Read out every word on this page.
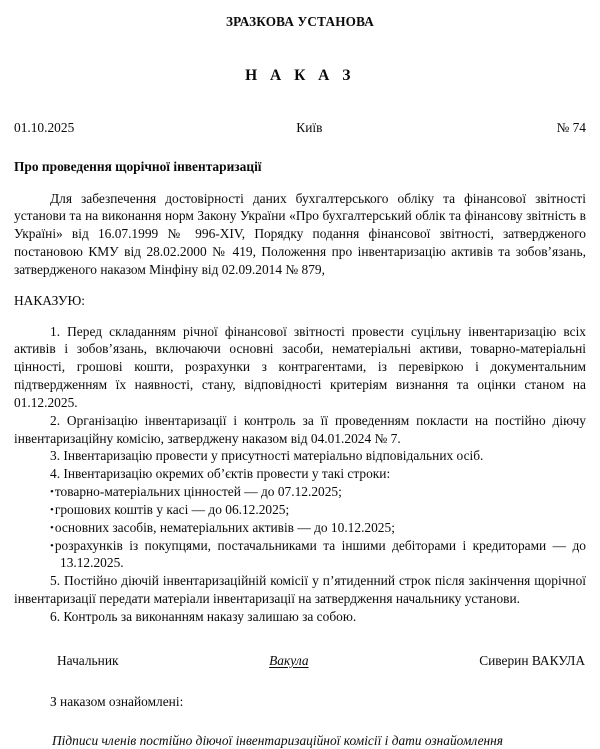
ЗРАЗКОВА УСТАНОВА
Н А К А З
01.10.2025	Київ	№ 74
Про проведення щорічної інвентаризації

Для забезпечення достовірності даних бухгалтерського обліку та фінансової звітності установи та на виконання норм Закону України «Про бухгалтерський облік та фінансову звітність в Україні» від 16.07.1999 № 996-XIV, Порядку подання фінансової звітності, затвердженого постановою КМУ від 28.02.2000 № 419, Положення про інвентаризацію активів та зобов’язань, затвердженого наказом Мінфіну від 02.09.2014 № 879,

НАКАЗУЮ:

1. Перед складанням річної фінансової звітності провести суцільну інвентаризацію всіх активів і зобов’язань, включаючи основні засоби, нематеріальні активи, товарно-матеріальні цінності, грошові кошти, розрахунки з контрагентами, із перевіркою і документальним підтвердженням їх наявності, стану, відповідності критеріям визнання та оцінки станом на 01.12.2025.

2. Організацію інвентаризації і контроль за її проведенням покласти на постійно діючу інвентаризаційну комісію, затверджену наказом від 04.01.2024 № 7.

3. Інвентаризацію провести у присутності матеріально відповідальних осіб.

4. Інвентаризацію окремих об’єктів провести у такі строки:

•товарно-матеріальних цінностей — до 07.12.2025;
•грошових коштів у касі — до 06.12.2025;
•основних засобів, нематеріальних активів — до 10.12.2025;
•розрахунків із покупцями, постачальниками та іншими дебіторами і кредиторами — до 13.12.2025.

5. Постійно діючій інвентаризаційній комісії у п’ятиденний строк після закінчення щорічної інвентаризації передати матеріали інвентаризації на затвердження начальнику установи.

6. Контроль за виконанням наказу залишаю за собою.

Начальник	Вакула	Сиверин ВАКУЛА
З наказом ознайомлені:
Підписи членів постійно діючої інвентаризаційної комісії і дати ознайомлення
